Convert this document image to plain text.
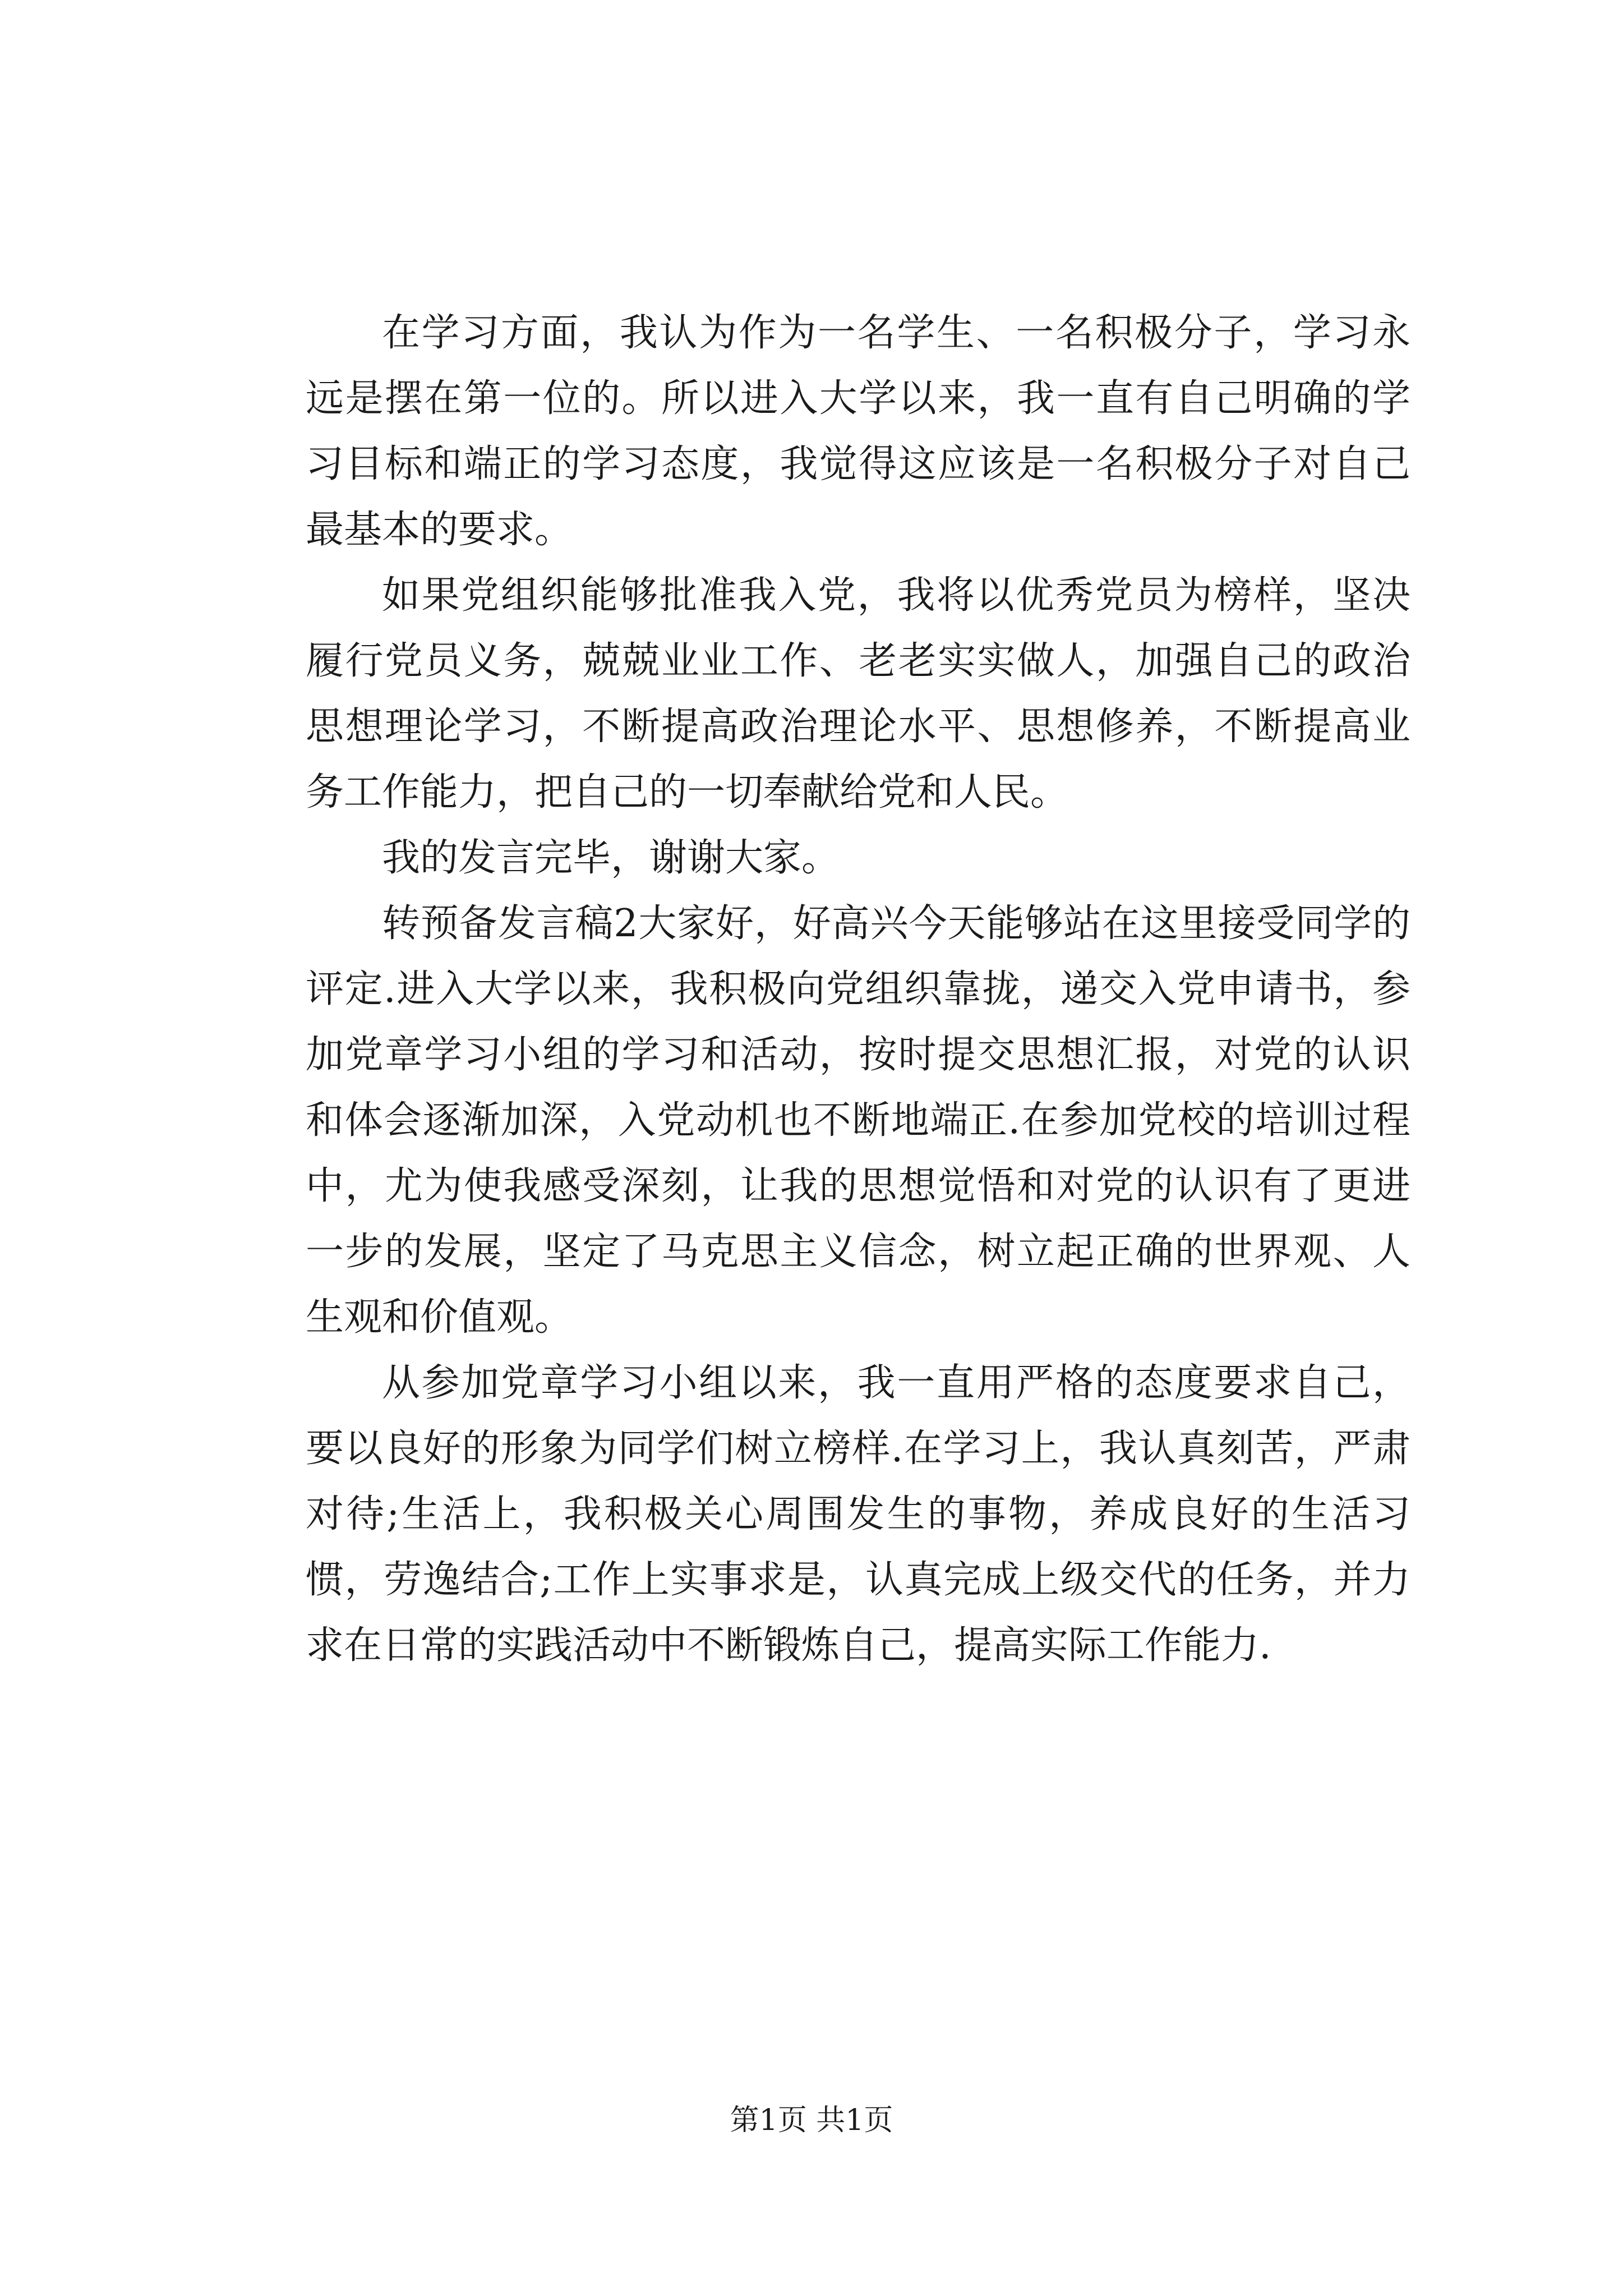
在学习方面，我认为作为一名学生、一名积极分子，学习永远是摆在第一位的。所以进入大学以来，我一直有自己明确的学习目标和端正的学习态度，我觉得这应该是一名积极分子对自己最基本的要求。

如果党组织能够批准我入党，我将以优秀党员为榜样，坚决履行党员义务，兢兢业业工作、老老实实做人，加强自己的政治思想理论学习，不断提高政治理论水平、思想修养，不断提高业务工作能力，把自己的一切奉献给党和人民。

我的发言完毕，谢谢大家。

转预备发言稿2大家好，好高兴今天能够站在这里接受同学的评定.进入大学以来，我积极向党组织靠拢，递交入党申请书，参加党章学习小组的学习和活动，按时提交思想汇报，对党的认识和体会逐渐加深，入党动机也不断地端正.在参加党校的培训过程中，尤为使我感受深刻，让我的思想觉悟和对党的认识有了更进一步的发展，坚定了马克思主义信念，树立起正确的世界观、人生观和价值观。

从参加党章学习小组以来，我一直用严格的态度要求自己，要以良好的形象为同学们树立榜样.在学习上，我认真刻苦，严肃对待;生活上，我积极关心周围发生的事物，养成良好的生活习惯，劳逸结合;工作上实事求是，认真完成上级交代的任务，并力求在日常的实践活动中不断锻炼自己，提高实际工作能力.

第1页 共1页
